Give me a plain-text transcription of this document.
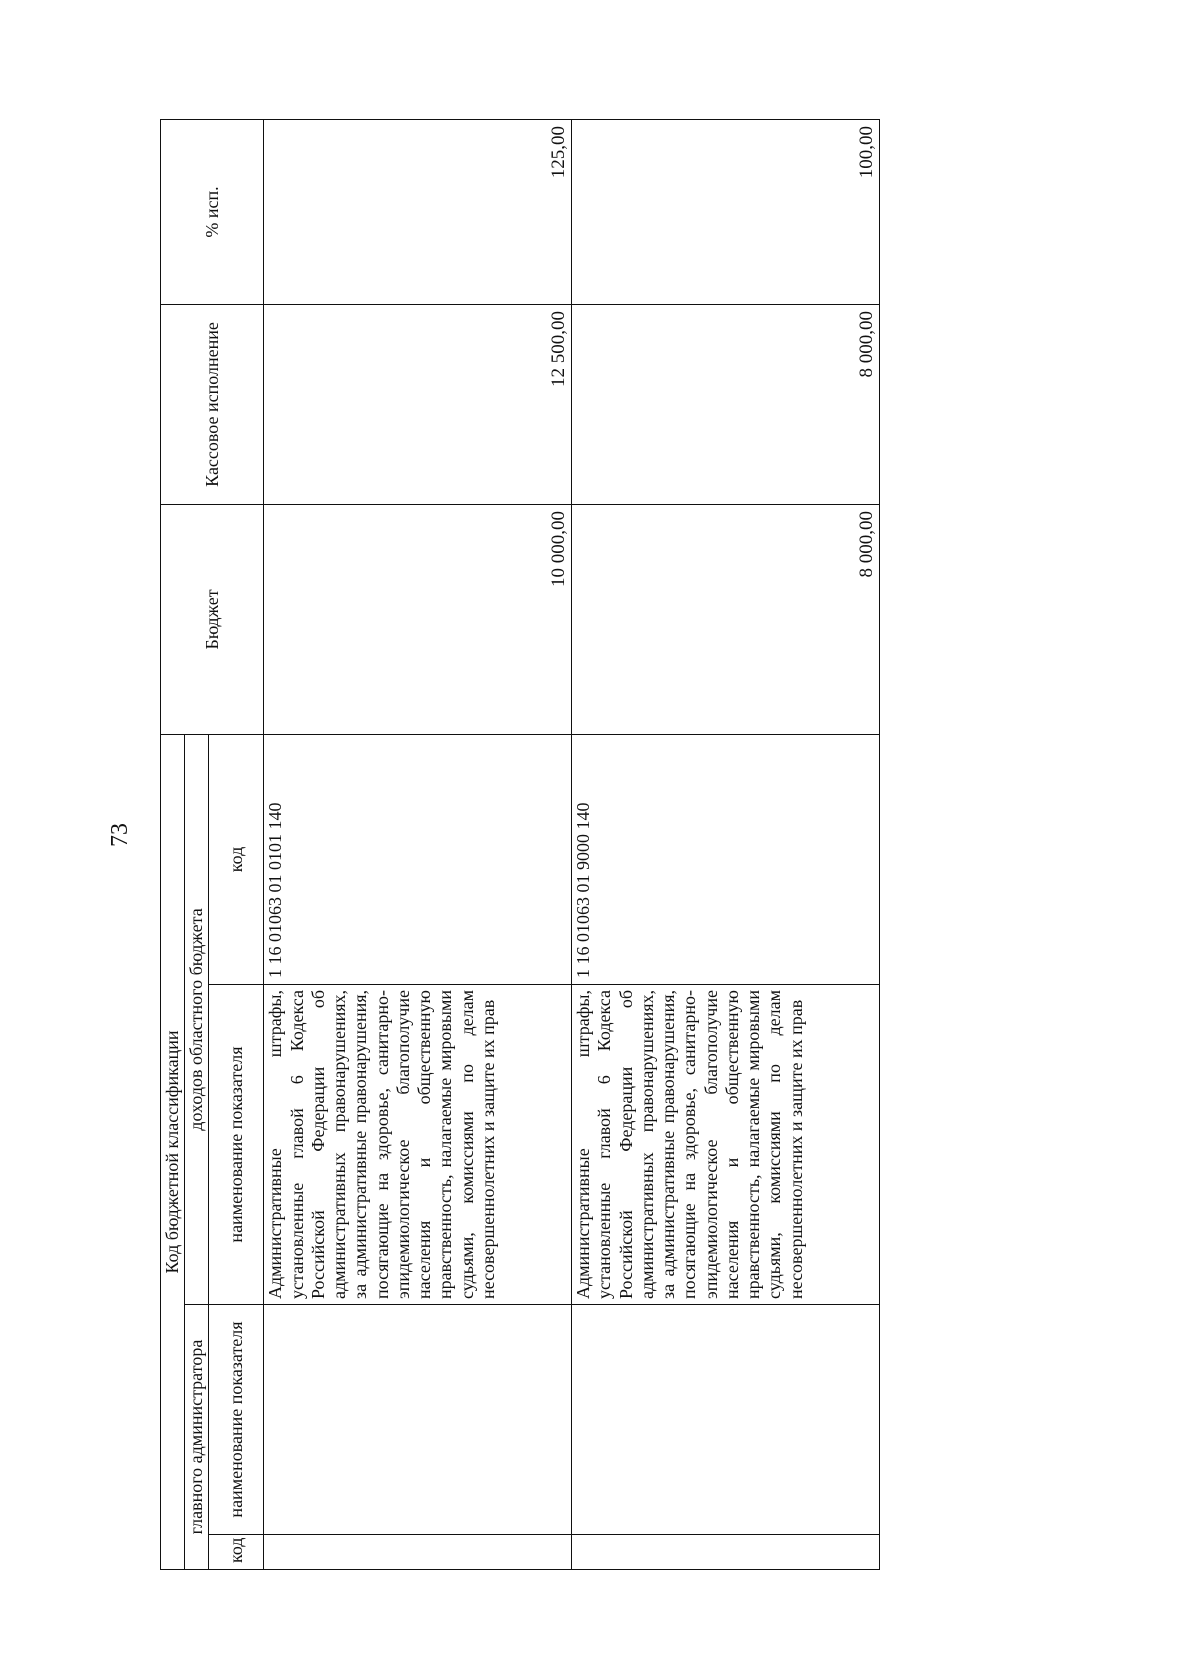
73
Код бюджетной классификации				Бюджет	Кассовое исполнение	% исп.
главного администратора		доходов областного бюджета				
код	наименование показателя	наименование показателя	код			
		Административные штрафы, установленные главой 6 Кодекса Российской Федерации об административных правонарушениях, за административные правонарушения, посягающие на здоровье, санитарно-эпидемиологическое благополучие населения и общественную нравственность, налагаемые мировыми судьями, комиссиями по делам несовершеннолетних и защите их прав	1 16 01063 01 0101 140	10 000,00	12 500,00	125,00
		Административные штрафы, установленные главой 6 Кодекса Российской Федерации об административных правонарушениях, за административные правонарушения, посягающие на здоровье, санитарно-эпидемиологическое благополучие населения и общественную нравственность, налагаемые мировыми судьями, комиссиями по делам несовершеннолетних и защите их прав	1 16 01063 01 9000 140	8 000,00	8 000,00	100,00
